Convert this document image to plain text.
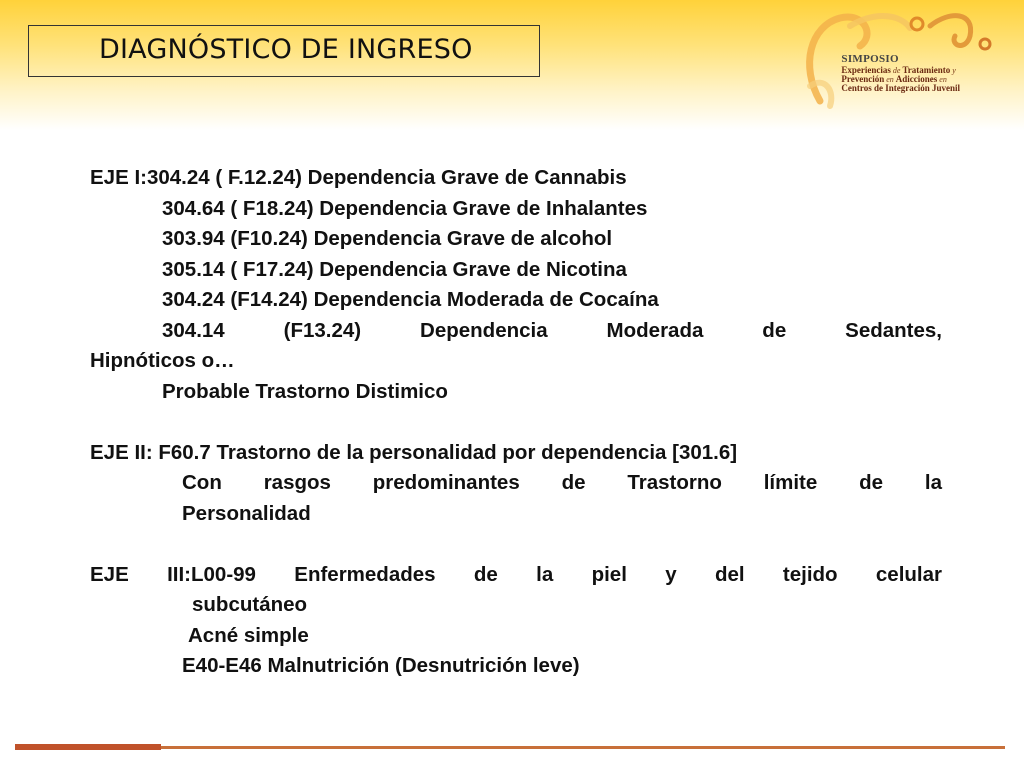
DIAGNÓSTICO DE INGRESO	SIMPOSIO
Experiencias de Tratamiento y
Prevención en Adicciones en
Centros de Integración Juvenil

EJE I:304.24 ( F.12.24) Dependencia Grave de Cannabis

304.64 ( F18.24) Dependencia Grave de Inhalantes

303.94 (F10.24) Dependencia Grave de alcohol

305.14 ( F17.24) Dependencia Grave de Nicotina

304.24 (F14.24) Dependencia Moderada de Cocaína

304.14 (F13.24) Dependencia Moderada de Sedantes,

Hipnóticos o…

Probable Trastorno Distimico

EJE II: F60.7 Trastorno de la personalidad por dependencia [301.6]

Con rasgos predominantes de Trastorno límite de la

Personalidad

EJE III:L00-99 Enfermedades de la piel y del tejido celular

subcutáneo

Acné simple

E40-E46 Malnutrición (Desnutrición leve)
